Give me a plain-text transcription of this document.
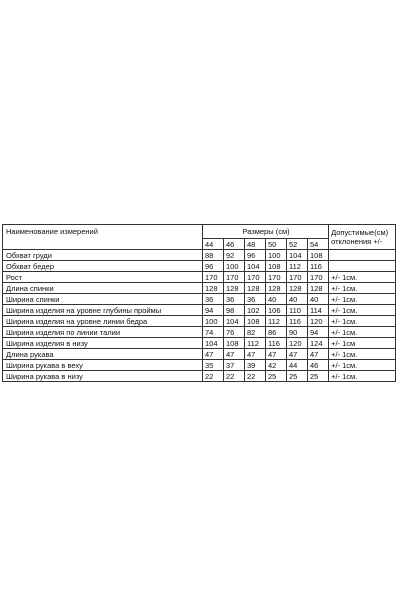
Наименование измерений	Размеры (см)						Допустимые(см) отклонения +/-
	44	46	48	50	52	54	
Обхват груди	88	92	96	100	104	108	
Обхват бедер	96	100	104	108	112	116	
Рост	170	170	170	170	170	170	+/- 1см.
Длина спинки	128	128	128	128	128	128	+/- 1см.
Ширина спинки	36	36	36	40	40	40	+/- 1см.
Ширина изделия на уровне глубины проймы	94	98	102	106	110	114	+/- 1см.
Ширина изделия на уровне линии бедра	100	104	108	112	116	120	+/- 1см.
Ширина изделия по линии талии	74	76	82	86	90	94	+/- 1см.
Ширина изделия в низу	104	108	112	116	120	124	+/- 1см
Длина рукава	47	47	47	47	47	47	+/- 1см.
Ширина рукава в веху	35	37	39	42	44	46	+/- 1см.
Ширина рукава в низу	22	22	22	25	25	25	+/- 1см.
